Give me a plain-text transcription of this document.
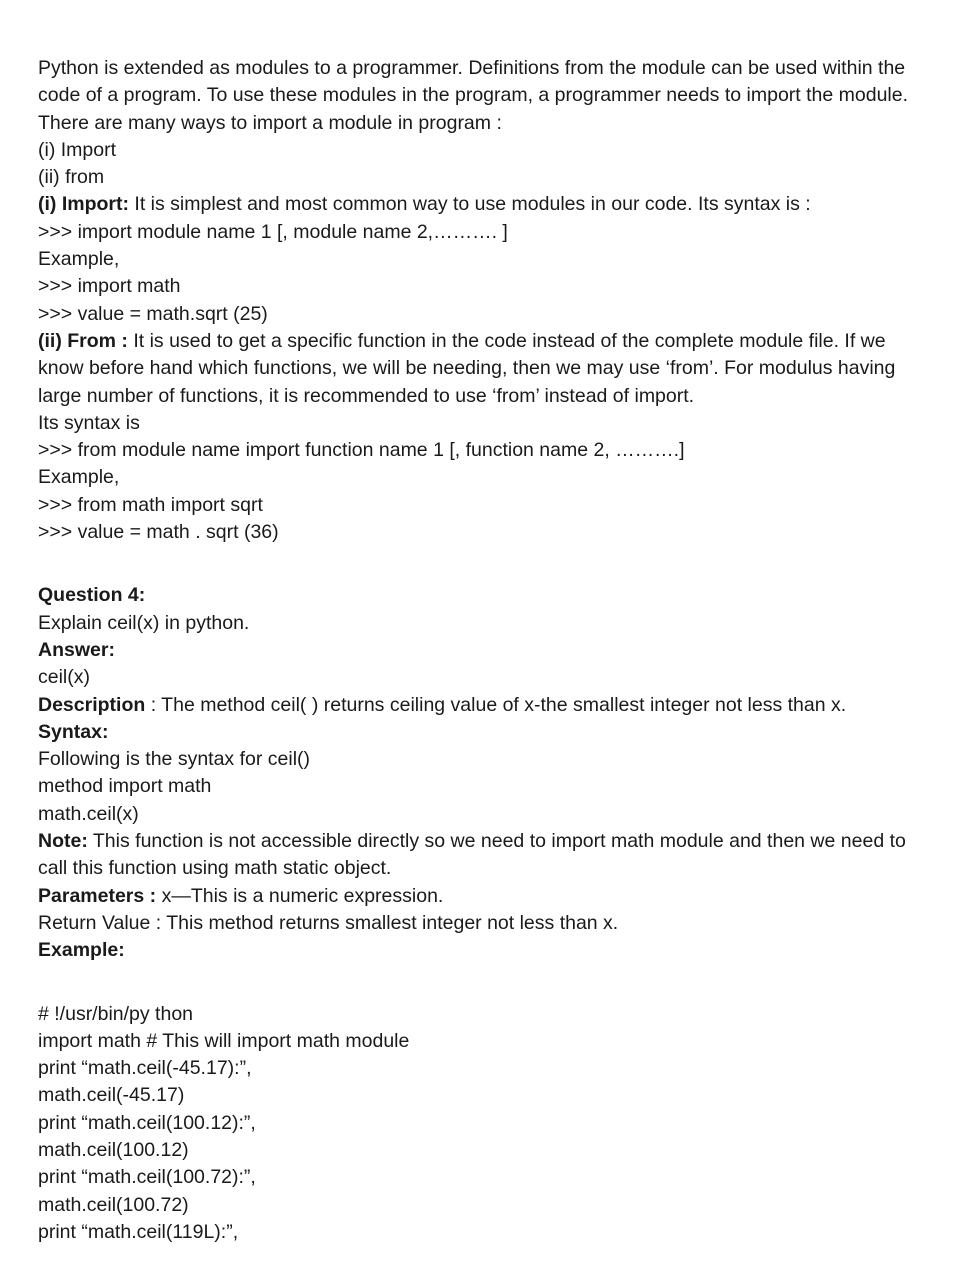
Python is extended as modules to a programmer. Definitions from the module can be used within the code of a program. To use these modules in the program, a programmer needs to import the module. There are many ways to import a module in program :
(i) Import
(ii) from
(i) Import: It is simplest and most common way to use modules in our code. Its syntax is :
>>> import module name 1 [, module name 2,………. ]
Example,
>>> import math
>>> value = math.sqrt (25)
(ii) From : It is used to get a specific function in the code instead of the complete module file. If we know before hand which functions, we will be needing, then we may use ‘from’. For modulus having large number of functions, it is recommended to use ‘from’ instead of import.
Its syntax is
>>> from module name import function name 1 [, function name 2, ……….]
Example,
>>> from math import sqrt
>>> value = math . sqrt (36)
Question 4:
Explain ceil(x) in python.
Answer:
ceil(x)
Description : The method ceil( ) returns ceiling value of x-the smallest integer not less than x.
Syntax:
Following is the syntax for ceil()
method import math
math.ceil(x)
Note: This function is not accessible directly so we need to import math module and then we need to call this function using math static object.
Parameters : x—This is a numeric expression.
Return Value : This method returns smallest integer not less than x.
Example:
# !/usr/bin/py thon
import math # This will import math module
print “math.ceil(-45.17):”,
math.ceil(-45.17)
print “math.ceil(100.12):”,
math.ceil(100.12)
print “math.ceil(100.72):”,
math.ceil(100.72)
print “math.ceil(119L):”,
